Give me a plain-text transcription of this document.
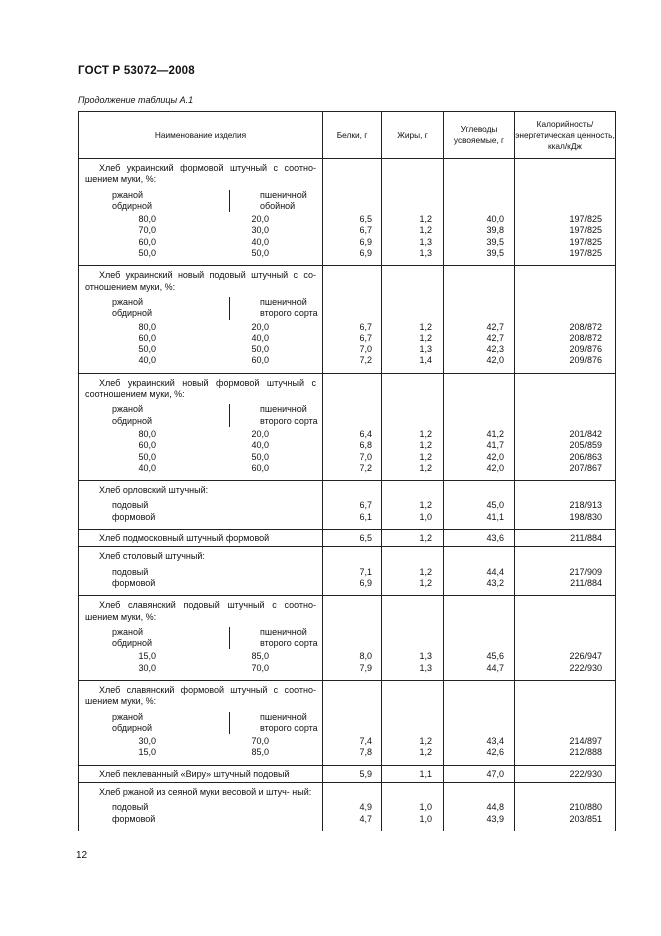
ГОСТ Р 53072—2008
Продолжение таблицы А.1
Наименование изделия	Белки, г	Жиры, г	Углеводы усвояемые, г	Калорийность/ энергетическая ценность, ккал/кДж

Хлеб украинский формовой штучный с соотно- шением муки, %:
ржаной
обдирной
пшеничной
обойной				

80,0 20,0	6,5	1,2	40,0	197/825

70,0 30,0	6,7	1,2	39,8	197/825

60,0 40,0	6,9	1,3	39,5	197/825

50,0 50,0	6,9	1,3	39,5	197/825

Хлеб украинский новый подовый штучный с со- отношением муки, %:
ржаной
обдирной
пшеничной
второго сорта				

80,0 20,0	6,7	1,2	42,7	208/872

60,0 40,0	6,7	1,2	42,7	208/872

50,0 50,0	7,0	1,3	42,3	209/876

40,0 60,0	7,2	1,4	42,0	209/876

Хлеб украинский новый формовой штучный с соотношением муки, %:
ржаной
обдирной
пшеничной
второго сорта				

80,0 20,0	6,4	1,2	41,2	201/842

60,0 40,0	6,8	1,2	41,7	205/859

50,0 50,0	7,0	1,2	42,0	206/863

40,0 60,0	7,2	1,2	42,0	207/867

Хлеб орловский штучный:				

подовый	6,7	1,2	45,0	218/913

формовой	6,1	1,0	41,1	198/830

Хлеб подмосковный штучный формовой	6,5	1,2	43,6	211/884

Хлеб столовый штучный:				

подовый	7,1	1,2	44,4	217/909

формовой	6,9	1,2	43,2	211/884

Хлеб славянский подовый штучный с соотно- шением муки, %:
ржаной
обдирной
пшеничной
второго сорта				

15,0 85,0	8,0	1,3	45,6	226/947

30,0 70,0	7,9	1,3	44,7	222/930

Хлеб славянский формовой штучный с соотно- шением муки, %:
ржаной
обдирной
пшеничной
второго сорта				

30,0 70,0	7,4	1,2	43,4	214/897

15,0 85,0	7,8	1,2	42,6	212/888

Хлеб пеклеванный «Виру» штучный подовый	5,9	1,1	47,0	222/930

Хлеб ржаной из сеяной муки весовой и штуч- ный:				

подовый	4,9	1,0	44,8	210/880

формовой	4,7	1,0	43,9	203/851
12
